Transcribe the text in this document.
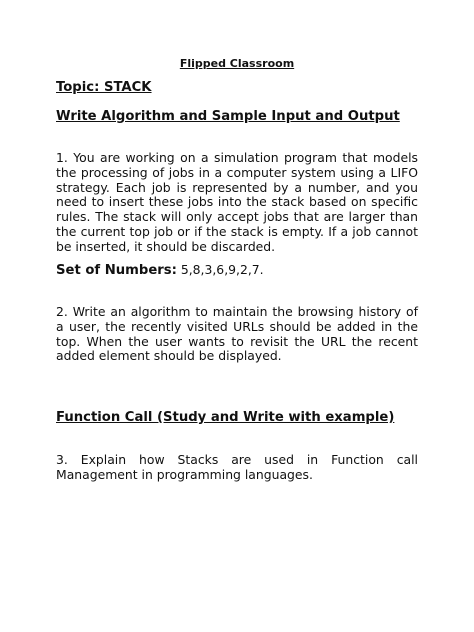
Flipped Classroom
Topic: STACK
Write Algorithm and Sample Input and Output
1. You are working on a simulation program that models the processing of jobs in a computer system using a LIFO strategy. Each job is represented by a number, and you need to insert these jobs into the stack based on specific rules. The stack will only accept jobs that are larger than the current top job or if the stack is empty. If a job cannot be inserted, it should be discarded.
Set of Numbers: 5,8,3,6,9,2,7.
2. Write an algorithm to maintain the browsing history of a user, the recently visited URLs should be added in the top. When the user wants to revisit the URL the recent added element should be displayed.
Function Call (Study and Write with example)
3. Explain how Stacks are used in Function call Management in programming languages.
